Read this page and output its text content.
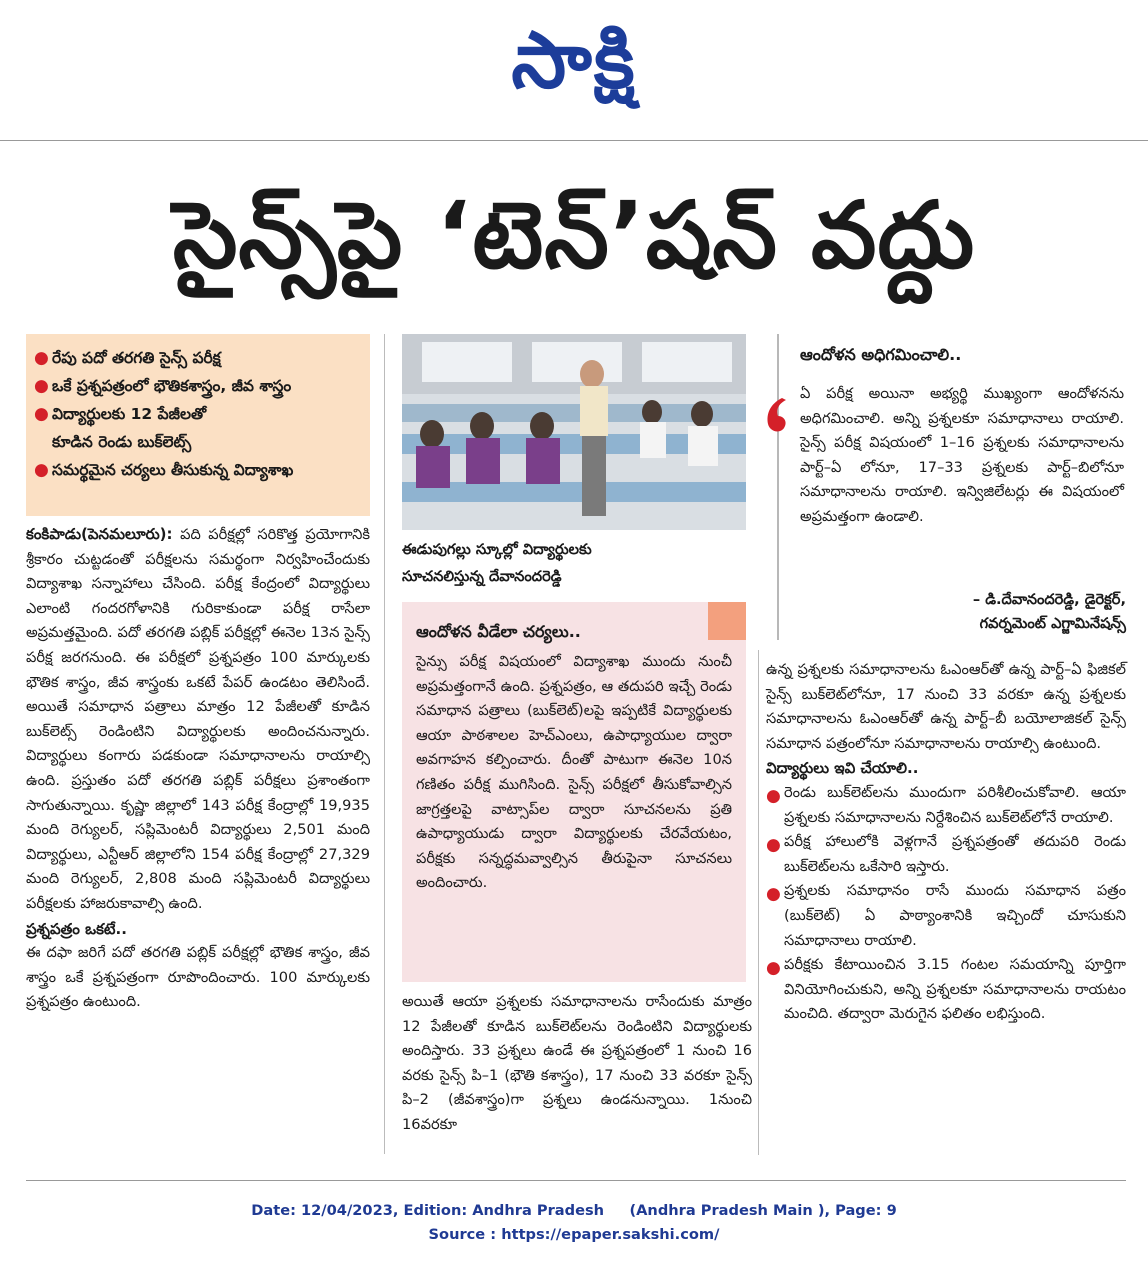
సాక్షి
సైన్స్‌పై ‘టెన్’షన్ వద్దు
● రేపు పదో తరగతి సైన్స్ పరీక్ష
● ఒకే ప్రశ్నపత్రంలో భౌతికశాస్త్రం, జీవ శాస్త్రం
● విద్యార్థులకు 12 పేజీలతో
కూడిన రెండు బుక్‌లెట్స్
● సమర్థమైన చర్యలు తీసుకున్న విద్యాశాఖ
కంకిపాడు(పెనమలూరు): పది పరీక్షల్లో సరికొత్త ప్రయోగానికి శ్రీకారం చుట్టడంతో పరీక్షలను సమర్థంగా నిర్వహించేందుకు విద్యాశాఖ సన్నాహాలు చేసింది. పరీక్ష కేంద్రంలో విద్యార్థులు ఎలాంటి గందరగోళానికి గురికాకుండా పరీక్ష రాసేలా అప్రమత్తమైంది. పదో తరగతి పబ్లిక్ పరీక్షల్లో ఈనెల 13న సైన్స్ పరీక్ష జరగనుంది. ఈ పరీక్షలో ప్రశ్నపత్రం 100 మార్కులకు భౌతిక శాస్త్రం, జీవ శాస్త్రంకు ఒకటే పేపర్ ఉండటం తెలిసిందే. అయితే సమాధాన పత్రాలు మాత్రం 12 పేజీలతో కూడిన బుక్‌లెట్స్ రెండింటిని విద్యార్థులకు అందించనున్నారు. విద్యార్థులు కంగారు పడకుండా సమాధానాలను రాయాల్సి ఉంది. ప్రస్తుతం పదో తరగతి పబ్లిక్ పరీక్షలు ప్రశాంతంగా సాగుతున్నాయి. కృష్ణా జిల్లాలో 143 పరీక్ష కేంద్రాల్లో 19,935 మంది రెగ్యులర్, సప్లిమెంటరీ విద్యార్థులు 2,501 మంది విద్యార్థులు, ఎన్టీఆర్ జిల్లాలోని 154 పరీక్ష కేంద్రాల్లో 27,329 మంది రెగ్యులర్, 2,808 మంది సప్లిమెంటరీ విద్యార్థులు పరీక్షలకు హాజరుకావాల్సి ఉంది.
ప్రశ్నపత్రం ఒకటే..
ఈ దఫా జరిగే పదో తరగతి పబ్లిక్ పరీక్షల్లో భౌతిక శాస్త్రం, జీవ శాస్త్రం ఒకే ప్రశ్నపత్రంగా రూపొందించారు. 100 మార్కులకు ప్రశ్నపత్రం ఉంటుంది.
ఈడుపుగల్లు స్కూల్లో విద్యార్థులకు
సూచనలిస్తున్న దేవానందరెడ్డి
ఆందోళన వీడేలా చర్యలు..
సైన్సు పరీక్ష విషయంలో విద్యాశాఖ ముందు నుంచీ అప్రమత్తంగానే ఉంది. ప్రశ్నపత్రం, ఆ తదుపరి ఇచ్చే రెండు సమాధాన పత్రాలు (బుక్‌లెట్)లపై ఇప్పటికే విద్యార్థులకు ఆయా పాఠశాలల హెచ్ఎంలు, ఉపాధ్యాయుల ద్వారా అవగాహన కల్పించారు. దీంతో పాటుగా ఈనెల 10న గణితం పరీక్ష ముగిసింది. సైన్స్ పరీక్షలో తీసుకోవాల్సిన జాగ్రత్తలపై వాట్సాప్‌ల ద్వారా సూచనలను ప్రతి ఉపాధ్యాయుడు ద్వారా విద్యార్థులకు చేరవేయటం, పరీక్షకు సన్నద్ధమవ్వాల్సిన తీరుపైనా సూచనలు అందించారు.
అయితే ఆయా ప్రశ్నలకు సమాధానాలను రాసేందుకు మాత్రం 12 పేజీలతో కూడిన బుక్‌లెట్‌లను రెండింటిని విద్యార్థులకు అందిస్తారు. 33 ప్రశ్నలు ఉండే ఈ ప్రశ్నపత్రంలో 1 నుంచి 16 వరకు సైన్స్ పి–1 (భౌతి కశాస్త్రం), 17 నుంచి 33 వరకూ సైన్స్ పి–2 (జీవశాస్త్రం)గా ప్రశ్నలు ఉండనున్నాయి. 1నుంచి 16వరకూ
ఆందోళన అధిగమించాలి..
ఏ పరీక్ష అయినా అభ్యర్థి ముఖ్యంగా ఆందోళనను అధిగమించాలి. అన్ని ప్రశ్నలకూ సమాధానాలు రాయాలి. సైన్స్ పరీక్ష విషయంలో 1–16 ప్రశ్నలకు సమాధానాలను పార్ట్–ఏ లోనూ, 17–33 ప్రశ్నలకు పార్ట్–బిలోనూ సమాధానాలను రాయాలి. ఇన్విజిలేటర్లు ఈ విషయంలో అప్రమత్తంగా ఉండాలి.
– డి.దేవానందరెడ్డి, డైరెక్టర్,
గవర్నమెంట్ ఎగ్జామినేషన్స్
ఉన్న ప్రశ్నలకు సమాధానాలను ఓఎంఆర్‌తో ఉన్న పార్ట్–ఏ ఫిజికల్ సైన్స్ బుక్‌లెట్‌లోనూ, 17 నుంచి 33 వరకూ ఉన్న ప్రశ్నలకు సమాధానాలను ఓఎంఆర్‌తో ఉన్న పార్ట్–బీ బయోలాజికల్ సైన్స్ సమాధాన పత్రంలోనూ సమాధానాలను రాయాల్సి ఉంటుంది.
విద్యార్థులు ఇవి చేయాలి..
● రెండు బుక్‌లెట్‌లను ముందుగా పరిశీలించుకోవాలి. ఆయా ప్రశ్నలకు సమాధానాలను నిర్దేశించిన బుక్‌లెట్‌లోనే రాయాలి.
● పరీక్ష హాలులోకి వెళ్లగానే ప్రశ్నపత్రంతో తదుపరి రెండు బుక్‌లెట్‌లను ఒకేసారి ఇస్తారు.
● ప్రశ్నలకు సమాధానం రాసే ముందు సమాధాన పత్రం (బుక్‌లెట్) ఏ పాఠ్యాంశానికి ఇచ్చిందో చూసుకుని సమాధానాలు రాయాలి.
● పరీక్షకు కేటాయించిన 3.15 గంటల సమయాన్ని పూర్తిగా వినియోగించుకుని, అన్ని ప్రశ్నలకూ సమాధానాలను రాయటం మంచిది. తద్వారా మెరుగైన ఫలితం లభిస్తుంది.
Date: 12/04/2023, Edition: Andhra Pradesh     (Andhra Pradesh Main ), Page: 9
Source : https://epaper.sakshi.com/
